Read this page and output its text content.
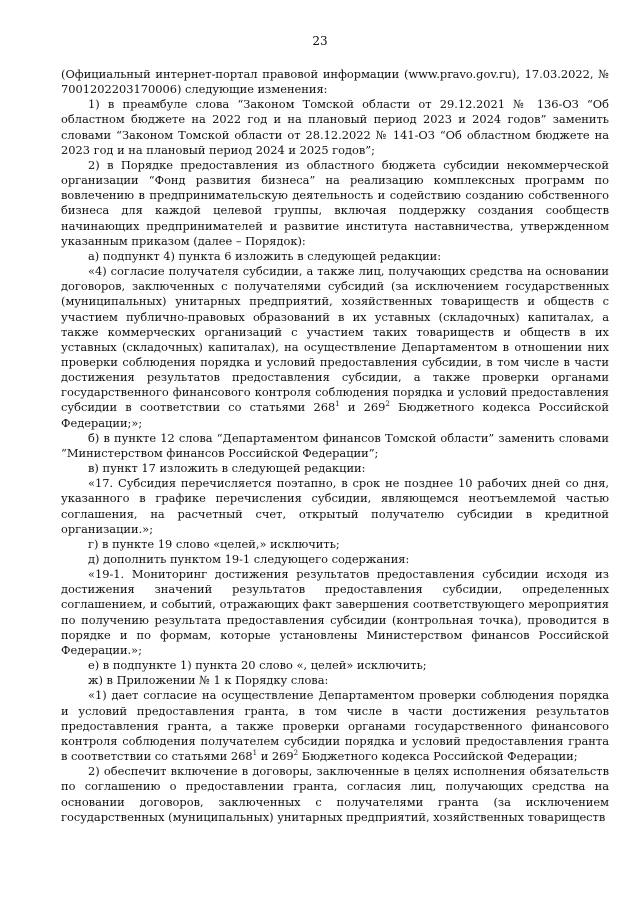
23

(Официальный интернет-портал правовой информации (www.pravo.gov.ru), 17.03.2022, № 7001202203170006) следующие изменения:

1) в преамбуле слова “Законом Томской области от 29.12.2021 № 136-ОЗ “Об областном бюджете на 2022 год и на плановый период 2023 и 2024 годов” заменить словами “Законом Томской области от 28.12.2022 № 141-ОЗ “Об областном бюджете на 2023 год и на плановый период 2024 и 2025 годов”;

2) в Порядке предоставления из областного бюджета субсидии некоммерческой организации “Фонд развития бизнеса” на реализацию комплексных программ по вовлечению в предпринимательскую деятельность и содействию созданию собственного бизнеса для каждой целевой группы, включая поддержку создания сообществ начинающих предпринимателей и развитие института наставничества, утвержденном указанным приказом (далее – Порядок):

а) подпункт 4) пункта 6 изложить в следующей редакции:

«4) согласие получателя субсидии, а также лиц, получающих средства на основании договоров, заключенных с получателями субсидий (за исключением государственных (муниципальных) унитарных предприятий, хозяйственных товариществ и обществ с участием публично-правовых образований в их уставных (складочных) капиталах, а также коммерческих организаций с участием таких товариществ и обществ в их уставных (складочных) капиталах), на осуществление Департаментом в отношении них проверки соблюдения порядка и условий предоставления субсидии, в том числе в части достижения результатов предоставления субсидии, а также проверки органами государственного финансового контроля соблюдения порядка и условий предоставления субсидии в соответствии со статьями $268^1$ и $269^2$ Бюджетного кодекса Российской Федерации;»;

б) в пункте 12 слова “Департаментом финансов Томской области” заменить словами “Министерством финансов Российской Федерации”;

в) пункт 17 изложить в следующей редакции:

«17. Субсидия перечисляется поэтапно, в срок не позднее 10 рабочих дней со дня, указанного в графике перечисления субсидии, являющемся неотъемлемой частью соглашения, на расчетный счет, открытый получателю субсидии в кредитной организации.»;

г) в пункте 19 слово «целей,» исключить;

д) дополнить пунктом 19-1 следующего содержания:

«19-1. Мониторинг достижения результатов предоставления субсидии исходя из достижения значений результатов предоставления субсидии, определенных соглашением, и событий, отражающих факт завершения соответствующего мероприятия по получению результата предоставления субсидии (контрольная точка), проводится в порядке и по формам, которые установлены Министерством финансов Российской Федерации.»;

е) в подпункте 1) пункта 20 слово «, целей» исключить;

ж) в Приложении № 1 к Порядку слова:

«1) дает согласие на осуществление Департаментом проверки соблюдения порядка и условий предоставления гранта, в том числе в части достижения результатов предоставления гранта, а также проверки органами государственного финансового контроля соблюдения получателем субсидии порядка и условий предоставления гранта в соответствии со статьями $268^1$ и $269^2$ Бюджетного кодекса Российской Федерации;

2) обеспечит включение в договоры, заключенные в целях исполнения обязательств по соглашению о предоставлении гранта, согласия лиц, получающих средства на основании договоров, заключенных с получателями гранта (за исключением государственных (муниципальных) унитарных предприятий, хозяйственных товариществ
